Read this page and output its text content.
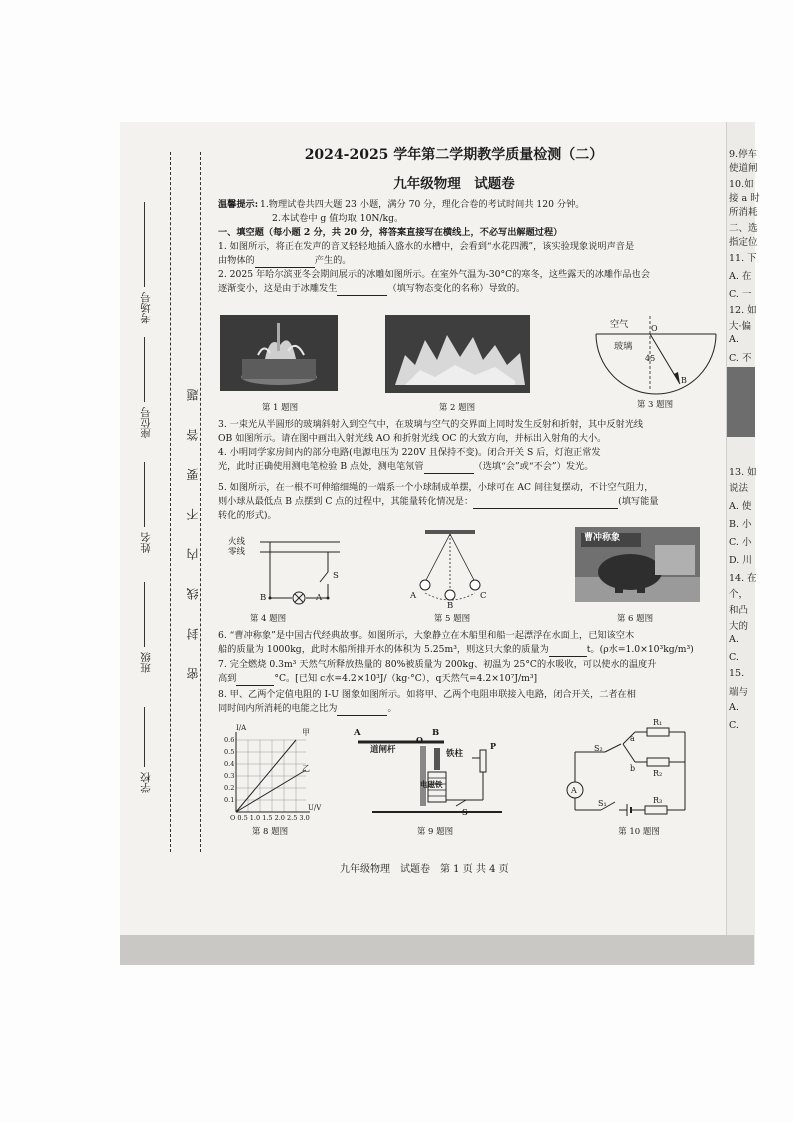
考场号
座位号
姓名
班级
学校
密 封 线 内 不 要 答 题
2024-2025 学年第二学期教学质量检测（二）
九年级物理　试题卷
温馨提示: 1.物理试卷共四大题 23 小题，满分 70 分，理化合卷的考试时间共 120 分钟。
2.本试卷中 g 值均取 10N/kg。
一、填空题（每小题 2 分，共 20 分，将答案直接写在横线上，不必写出解题过程）
1. 如图所示，将正在发声的音叉轻轻地插入盛水的水槽中，会看到“水花四溅”，该实验现象说明声音是
由物体的	产生的。
2. 2025 年哈尔滨亚冬会期间展示的冰雕如图所示。在室外气温为-30°C的寒冬，这些露天的冰雕作品也会
逐渐变小，这是由于冰雕发生	（填写物态变化的名称）导致的。
第 1 题图	第 2 题图
空气
玻璃
45
O
B
第 3 题图
3. 一束光从半圆形的玻璃斜射入到空气中，在玻璃与空气的交界面上同时发生反射和折射，其中反射光线
OB 如图所示。请在图中画出入射光线 AO 和折射光线 OC 的大致方向，并标出入射角的大小。
4. 小明同学家房间内的部分电路(电源电压为 220V 且保持不变)。闭合开关 S 后，灯泡正常发
光，此时正确使用测电笔检验 B 点处，测电笔氖管	（选填“会”或“不会”）发光。
5. 如图所示，在一根不可伸缩细绳的一端系一个小球制成单摆，小球可在 AC 间往复摆动，不计空气阻力，
则小球从最低点 B 点摆到 C 点的过程中，其能量转化情况是：	(填写能量
转化的形式)。
火线
零线
S
B	A
第 4 题图
A
B
C
第 5 题图
曹冲称象
第 6 题图
6. “曹冲称象”是中国古代经典故事。如图所示，大象静立在木船里和船一起漂浮在水面上，已知该空木
船的质量为 1000kg，此时木船所排开水的体积为 5.25m³，则这只大象的质量为	t。(ρ水=1.0×10³kg/m³)
7. 完全燃烧 0.3m³ 天然气所释放热量的 80%被质量为 200kg、初温为 25°C的水吸收，可以使水的温度升
高到	°C。[已知 c水=4.2×10³J/（kg·°C），q天然气=4.2×10⁷J/m³]
8. 甲、乙两个定值电阻的 I-U 图象如图所示。如将甲、乙两个电阻串联接入电路，闭合开关，二者在相
同时间内所消耗的电能之比为	。
I/A	甲
乙
0.6
0.5
0.4
0.3
0.2
0.1
O 0.5 1.0 1.5 2.0 2.5 3.0
U/V
第 8 题图
A	B
道闸杆
O
铁柱
P
电磁铁
S
第 9 题图
A
S₂
a
b
R₁
R₂
R₃
S₁
第 10 题图
九年级物理　试题卷　第 1 页 共 4 页
9.停车
使道闸
10.如
接 a 时
所消耗
二、选
指定位
11. 下
A. 在
C. 一
12. 如
大·偏
A.
C. 不
13. 如
说法
A. 使
B. 小
C. 小
D. 川
14. 在
个，
和凸
大的
A.
C.
15.
端与
A.
C.
